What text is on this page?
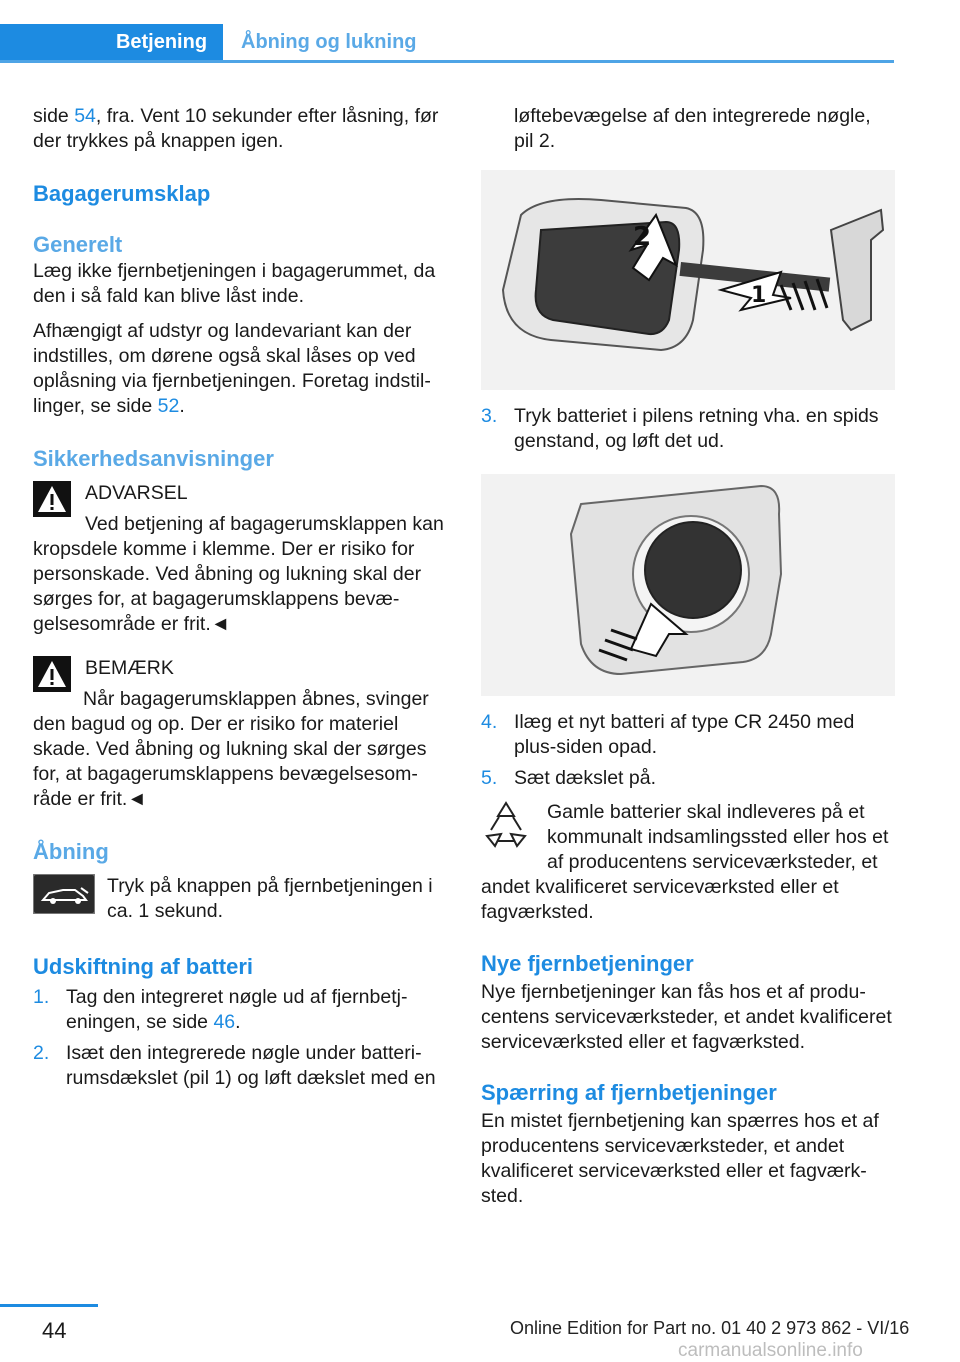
Betjening Åbning og lukning

side 54, fra. Vent 10 sekunder efter låsning, før der trykkes på knappen igen.

Bagagerumsklap
Generelt

Læg ikke fjernbetjeningen i bagagerummet, da den i så fald kan blive låst inde.

Afhængigt af udstyr og landevariant kan der indstilles, om dørene også skal låses op ved oplåsning via fjernbetjeningen. Foretag indstillinger, se side 52.

Sikkerhedsanvisninger

ADVARSEL

Ved betjening af bagagerumsklappen kan kropsdele komme i klemme. Der er risiko for personskade. Ved åbning og lukning skal der sørges for, at bagagerumsklappens bevægelsesområde er frit.◄

BEMÆRK

Når bagagerumsklappen åbnes, svinger den bagud og op. Der er risiko for materiel skade. Ved åbning og lukning skal der sørges for, at bagagerumsklappens bevægelsesområde er frit.◄

Åbning

Tryk på knappen på fjernbetjeningen i ca. 1 sekund.

Udskiftning af batteri
1. Tag den integreret nøgle ud af fjernbetjeningen, se side 46.
2. Isæt den integrerede nøgle under batterirumsdækslet (pil 1) og løft dækslet med en

løftebevægelse af den integrerede nøgle, pil 2.

2
1
3. Tryk batteriet i pilens retning vha. en spids genstand, og løft det ud.
4. Ilæg et nyt batteri af type CR 2450 med plus-siden opad.
5. Sæt dækslet på.

Gamle batterier skal indleveres på et kommunalt indsamlingssted eller hos et af producentens serviceværksteder, et andet kvalificeret serviceværksted eller et fagværksted.

Nye fjernbetjeninger

Nye fjernbetjeninger kan fås hos et af producentens serviceværksteder, et andet kvalificeret serviceværksted eller et fagværksted.

Spærring af fjernbetjeninger

En mistet fjernbetjening kan spærres hos et af producentens serviceværksteder, et andet kvalificeret serviceværksted eller et fagværksted.

44	Online Edition for Part no. 01 40 2 973 862 - VI/16
carmanualsonline.info
